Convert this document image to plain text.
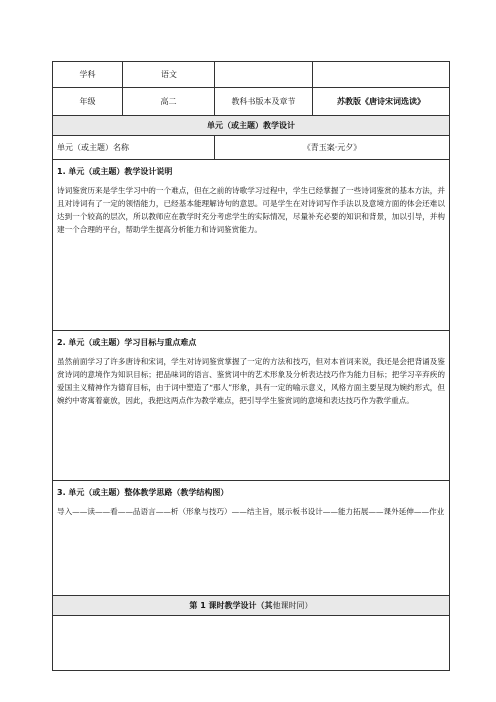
学科	语文		
年级	高二	教科书版本及章节	苏教版《唐诗宋词选读》
单元（或主题）教学设计			
单元（或主题）名称		《青玉案·元夕》	

1. 单元（或主题）教学设计说明

诗词鉴赏历来是学生学习中的一个难点，但在之前的诗歌学习过程中，学生已经掌握了一些诗词鉴赏的基本方法，并且对诗词有了一定的领悟能力，已经基本能理解诗句的意思。可是学生在对诗词写作手法以及意境方面的体会还难以达到一个较高的层次，所以教师应在教学时充分考虑学生的实际情况，尽量补充必要的知识和背景，加以引导，并构建一个合理的平台，帮助学生提高分析能力和诗词鉴赏能力。			

2. 单元（或主题）学习目标与重点难点

虽然前面学习了许多唐诗和宋词，学生对诗词鉴赏掌握了一定的方法和技巧，但对本首词来说，我还是会把背诵及鉴赏诗词的意境作为知识目标；把品味词的语言、鉴赏词中的艺术形象及分析表达技巧作为能力目标；把学习辛弃疾的爱国主义精神作为德育目标，由于词中塑造了“那人”形象，具有一定的喻示意义，风格方面主要呈现为婉约形式，但婉约中寄寓着豪放，因此，我把这两点作为教学难点，把引导学生鉴赏词的意境和表达技巧作为教学重点。			

3. 单元（或主题）整体教学思路（教学结构图）

导入——读——看——品语言——析（形象与技巧）——结主旨，展示板书设计——能力拓展——课外延伸——作业			

第 1 课时教学设计（其他课时同）			
